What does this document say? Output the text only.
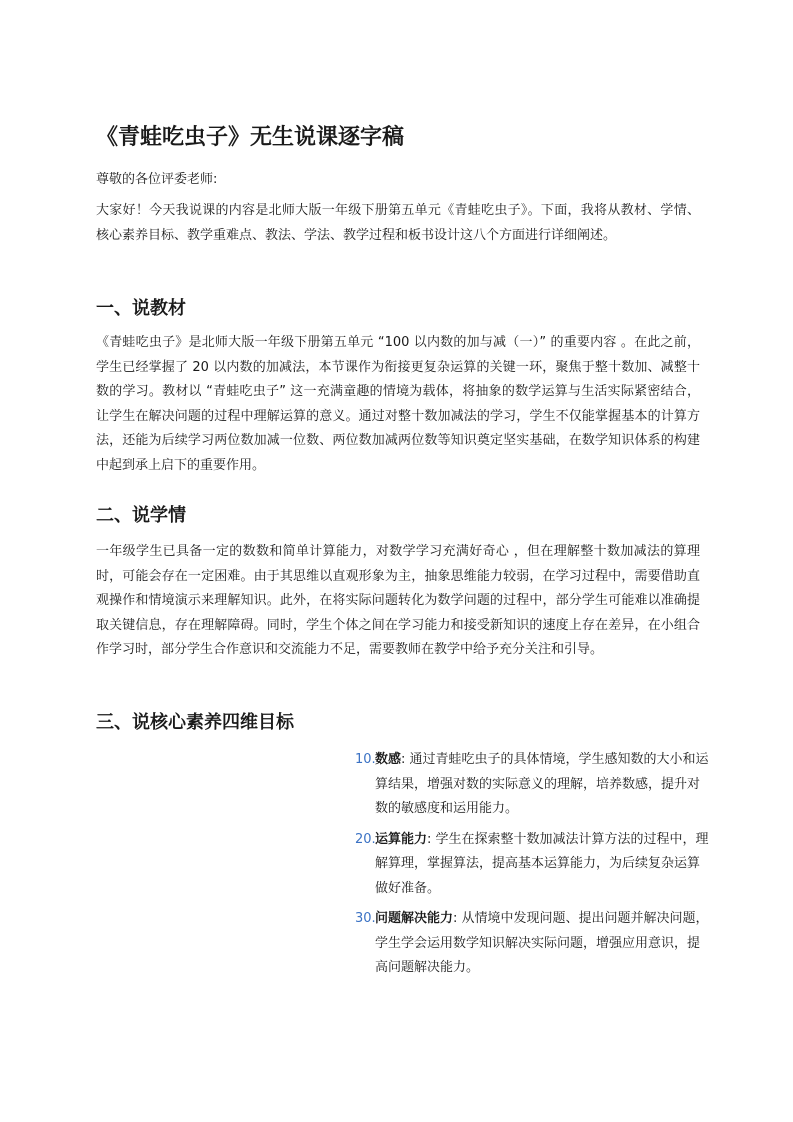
《青蛙吃虫子》无生说课逐字稿

尊敬的各位评委老师:

大家好！今天我说课的内容是北师大版一年级下册第五单元《青蛙吃虫子》。下面，我将从教材、学情、核心素养目标、教学重难点、教法、学法、教学过程和板书设计这八个方面进行详细阐述。

一、说教材

《青蛙吃虫子》是北师大版一年级下册第五单元 “100 以内数的加与减（一）” 的重要内容 。在此之前，学生已经掌握了 20 以内数的加减法，本节课作为衔接更复杂运算的关键一环，聚焦于整十数加、减整十数的学习。教材以 “青蛙吃虫子” 这一充满童趣的情境为载体，将抽象的数学运算与生活实际紧密结合，让学生在解决问题的过程中理解运算的意义。通过对整十数加减法的学习，学生不仅能掌握基本的计算方法，还能为后续学习两位数加减一位数、两位数加减两位数等知识奠定坚实基础，在数学知识体系的构建中起到承上启下的重要作用。

二、说学情

一年级学生已具备一定的数数和简单计算能力，对数学学习充满好奇心 ，但在理解整十数加减法的算理时，可能会存在一定困难。由于其思维以直观形象为主，抽象思维能力较弱，在学习过程中，需要借助直观操作和情境演示来理解知识。此外，在将实际问题转化为数学问题的过程中，部分学生可能难以准确提取关键信息，存在理解障碍。同时，学生个体之间在学习能力和接受新知识的速度上存在差异，在小组合作学习时，部分学生合作意识和交流能力不足，需要教师在教学中给予充分关注和引导。

三、说核心素养四维目标
10. 数感: 通过青蛙吃虫子的具体情境，学生感知数的大小和运算结果，增强对数的实际意义的理解，培养数感，提升对数的敏感度和运用能力。
20. 运算能力: 学生在探索整十数加减法计算方法的过程中，理解算理，掌握算法，提高基本运算能力，为后续复杂运算做好准备。
30. 问题解决能力: 从情境中发现问题、提出问题并解决问题，学生学会运用数学知识解决实际问题，增强应用意识，提高问题解决能力。
